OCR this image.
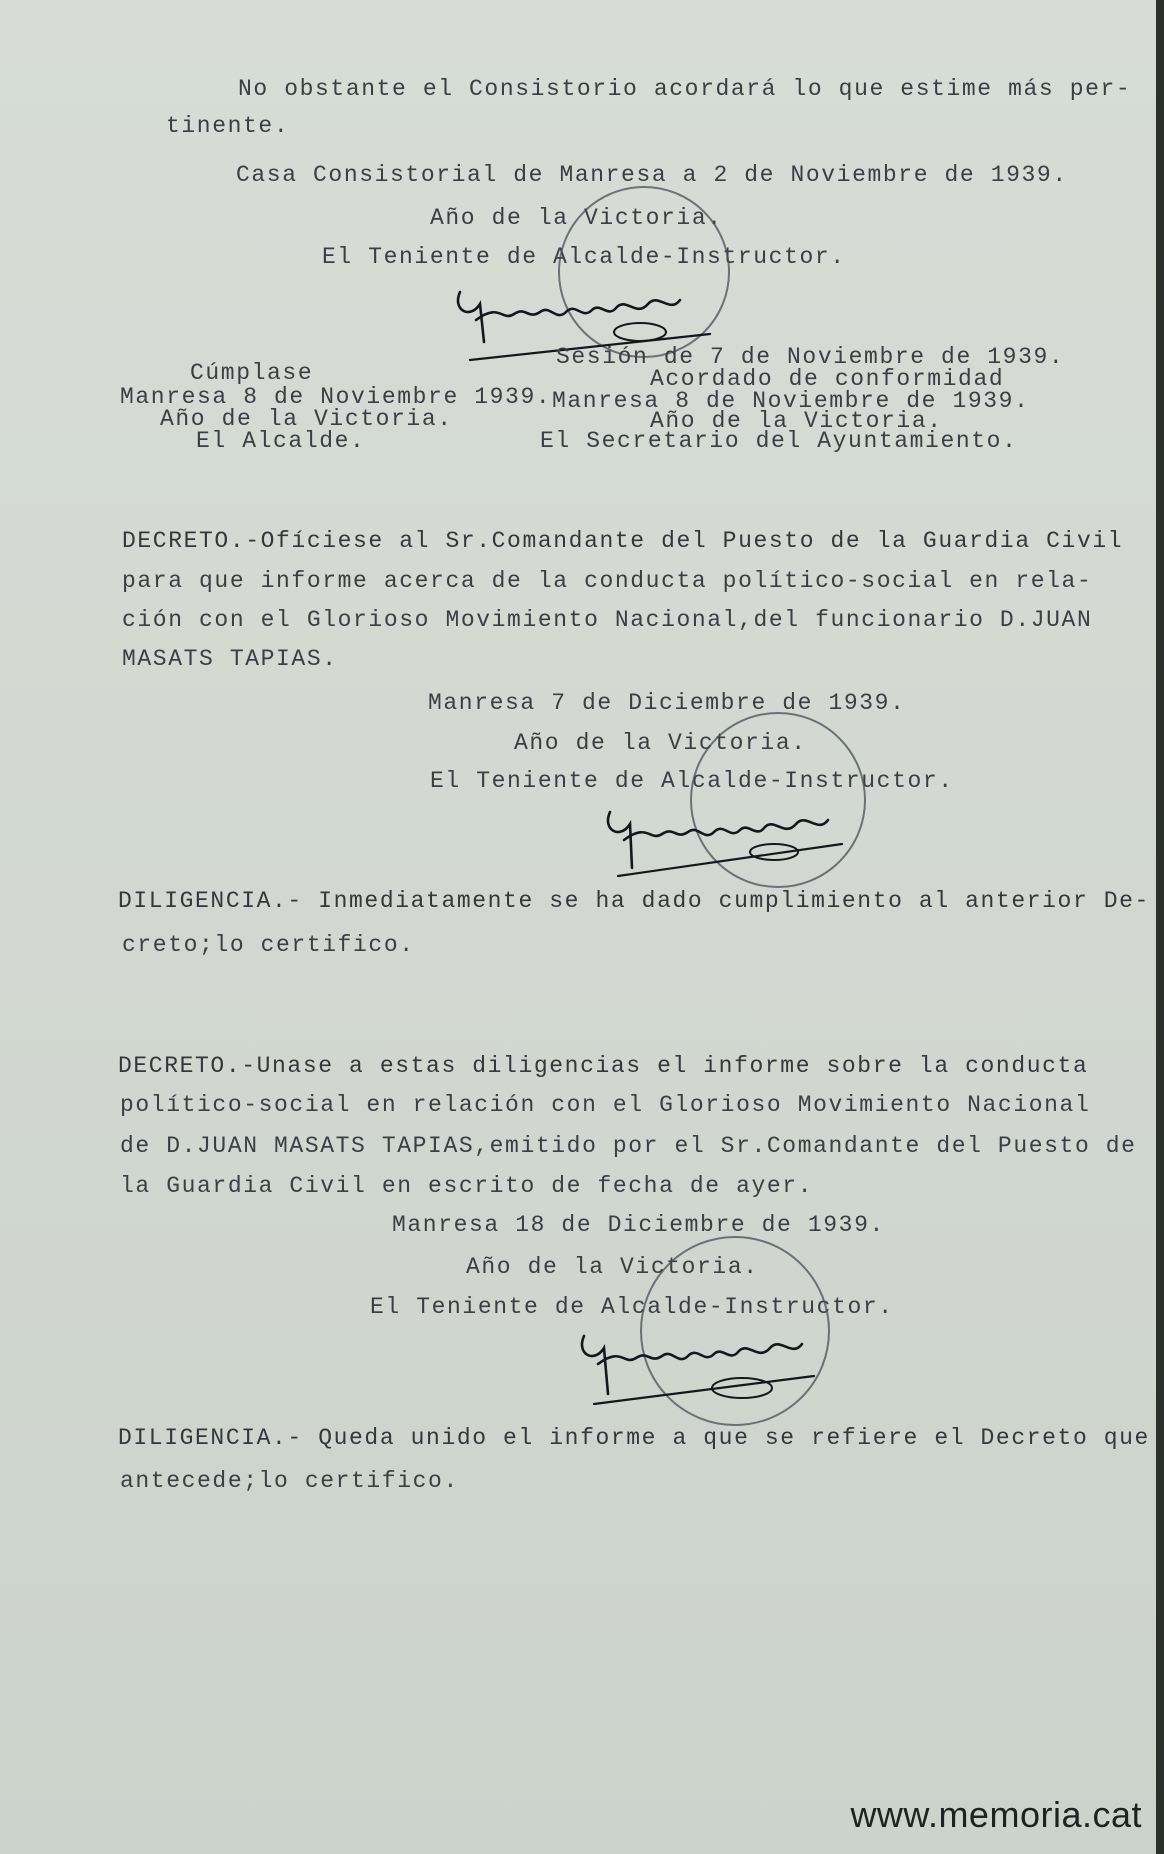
No obstante el Consistorio acordará lo que estime más per-
tinente.
Casa Consistorial de Manresa a 2 de Noviembre de 1939.
Año de la Victoria.
El Teniente de Alcalde-Instructor.
Cúmplase
Manresa 8 de Noviembre 1939.
Año de la Victoria.
El Alcalde.
Sesión de 7 de Noviembre de 1939.
Acordado de conformidad
Manresa 8 de Noviembre de 1939.
Año de la Victoria.
El Secretario del Ayuntamiento.
DECRETO.-Ofíciese al Sr.Comandante del Puesto de la Guardia Civil
para que informe acerca de la conducta político-social en rela-
ción con el Glorioso Movimiento Nacional,del funcionario D.JUAN
MASATS TAPIAS.
Manresa 7 de Diciembre de 1939.
Año de la Victoria.
El Teniente de Alcalde-Instructor.
DILIGENCIA.- Inmediatamente se ha dado cumplimiento al anterior De-
creto;lo certifico.
DECRETO.-Unase a estas diligencias el informe sobre la conducta
político-social en relación con el Glorioso Movimiento Nacional
de D.JUAN MASATS TAPIAS,emitido por el Sr.Comandante del Puesto de
la Guardia Civil en escrito de fecha de ayer.
Manresa 18 de Diciembre de 1939.
Año de la Victoria.
El Teniente de Alcalde-Instructor.
DILIGENCIA.- Queda unido el informe a que se refiere el Decreto que
antecede;lo certifico.
www.memoria.cat
